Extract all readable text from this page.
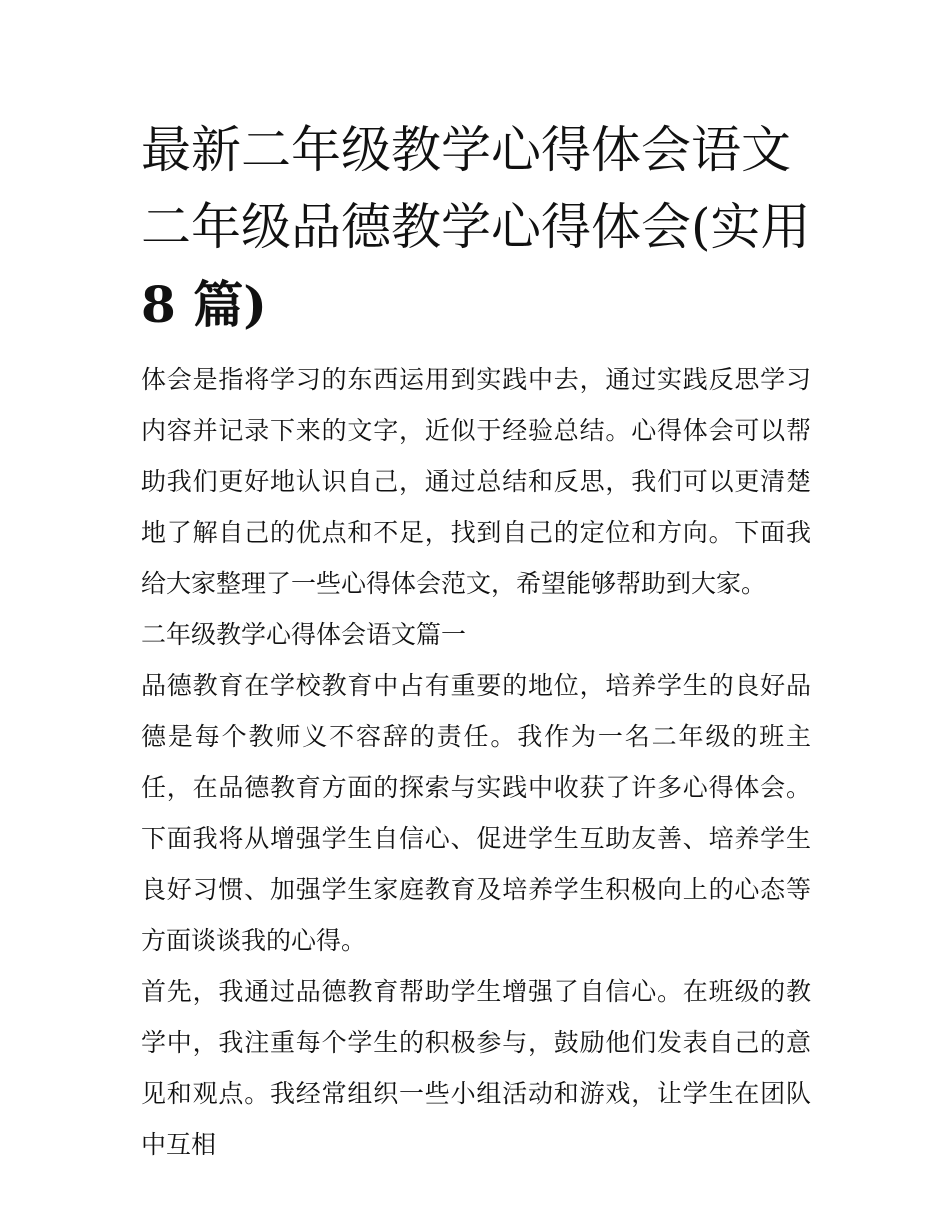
最新二年级教学心得体会语文二年级品德教学心得体会(实用
8 篇)

体会是指将学习的东西运用到实践中去，通过实践反思学习内容并记录下来的文字，近似于经验总结。心得体会可以帮助我们更好地认识自己，通过总结和反思，我们可以更清楚地了解自己的优点和不足，找到自己的定位和方向。下面我给大家整理了一些心得体会范文，希望能够帮助到大家。

二年级教学心得体会语文篇一

品德教育在学校教育中占有重要的地位，培养学生的良好品德是每个教师义不容辞的责任。我作为一名二年级的班主任，在品德教育方面的探索与实践中收获了许多心得体会。下面我将从增强学生自信心、促进学生互助友善、培养学生良好习惯、加强学生家庭教育及培养学生积极向上的心态等方面谈谈我的心得。

首先，我通过品德教育帮助学生增强了自信心。在班级的教学中，我注重每个学生的积极参与，鼓励他们发表自己的意见和观点。我经常组织一些小组活动和游戏，让学生在团队中互相
